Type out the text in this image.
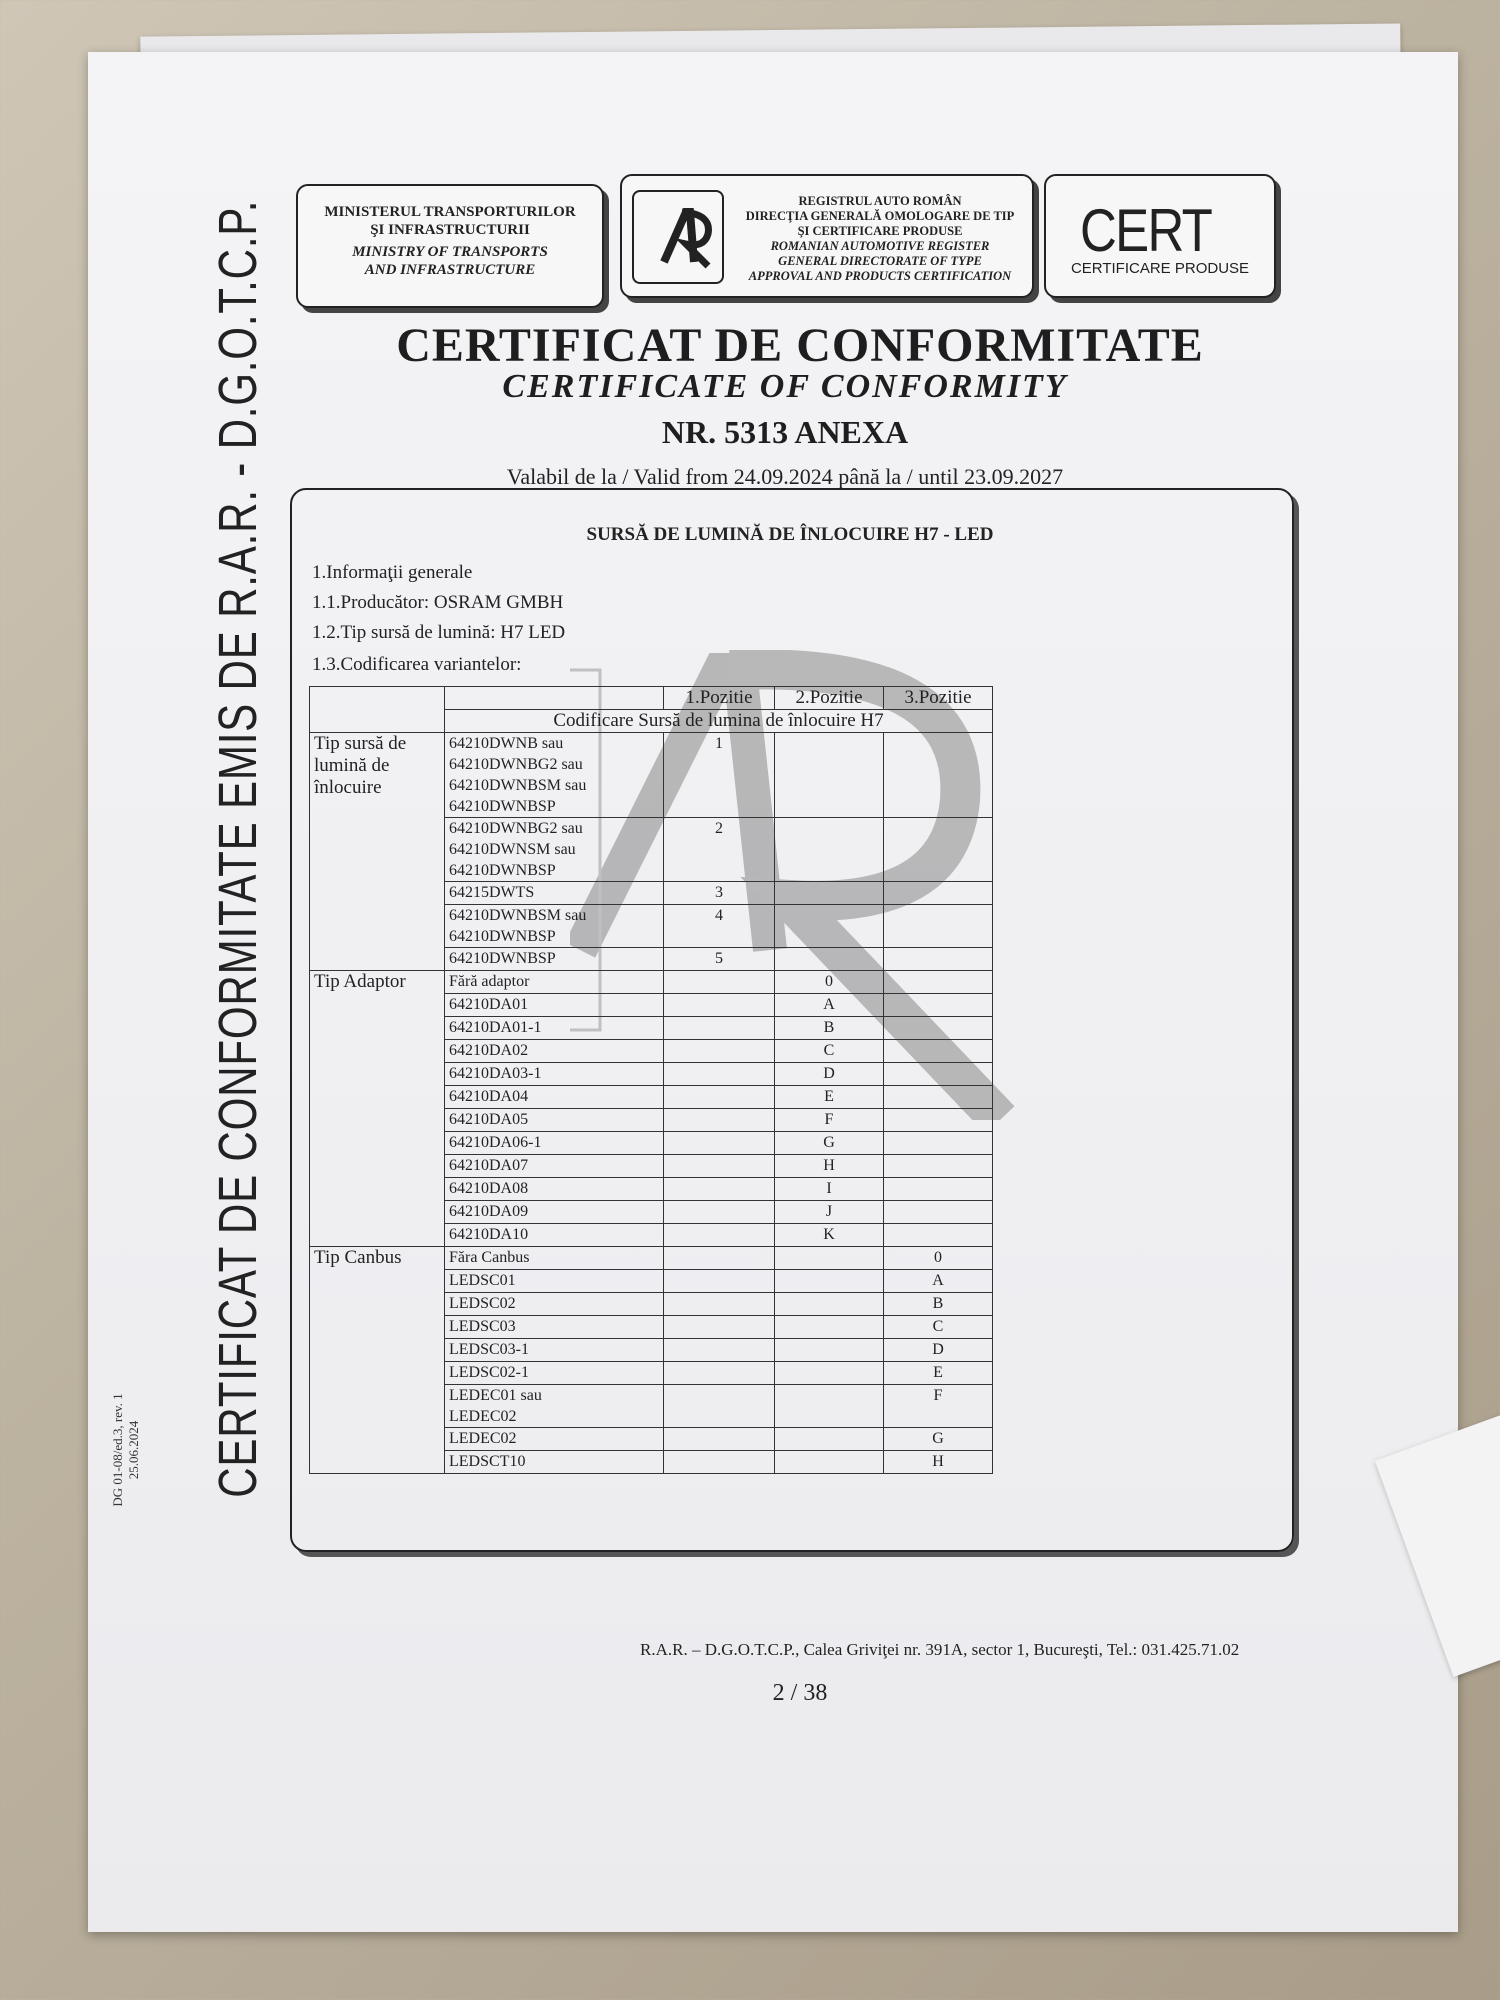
CERTIFICAT DE CONFORMITATE EMIS DE R.A.R. - D.G.O.T.C.P.
DG 01-08/ed.3, rev. 1 25.06.2024
MINISTERUL TRANSPORTURILOR
ŞI INFRASTRUCTURII
MINISTRY OF TRANSPORTS
AND INFRASTRUCTURE
REGISTRUL AUTO ROMÂN
DIRECŢIA GENERALĂ OMOLOGARE DE TIP
ŞI CERTIFICARE PRODUSE
ROMANIAN AUTOMOTIVE REGISTER
GENERAL DIRECTORATE OF TYPE
APPROVAL AND PRODUCTS CERTIFICATION
CERT
CERTIFICARE PRODUSE
CERTIFICAT DE CONFORMITATE
CERTIFICATE OF CONFORMITY
NR. 5313 ANEXA
Valabil de la / Valid from 24.09.2024 până la / until 23.09.2027
SURSĂ DE LUMINĂ DE ÎNLOCUIRE H7 - LED
1.Informaţii generale
1.1.Producător: OSRAM GMBH
1.2.Tip sursă de lumină: H7 LED
1.3.Codificarea variantelor:
		1.Pozitie	2.Pozitie	3.Pozitie
	Codificare Sursă de lumina de înlocuire H7			
Tip sursă de lumină de înlocuire	64210DWNB sau
64210DWNBG2 sau
64210DWNBSM sau
64210DWNBSP	1		
	64210DWNBG2 sau
64210DWNSM sau
64210DWNBSP	2		
	64215DWTS	3		
	64210DWNBSM sau
64210DWNBSP	4		
	64210DWNBSP	5		
Tip Adaptor	Fără adaptor		0	
	64210DA01		A	
	64210DA01-1		B	
	64210DA02		C	
	64210DA03-1		D	
	64210DA04		E	
	64210DA05		F	
	64210DA06-1		G	
	64210DA07		H	
	64210DA08		I	
	64210DA09		J	
	64210DA10		K	
Tip Canbus	Făra Canbus			0
	LEDSC01			A
	LEDSC02			B
	LEDSC03			C
	LEDSC03-1			D
	LEDSC02-1			E
	LEDEC01 sau
LEDEC02			F
	LEDEC02			G
	LEDSCT10			H
R.A.R. – D.G.O.T.C.P., Calea Griviţei nr. 391A, sector 1, Bucureşti, Tel.: 031.425.71.02
2 / 38
